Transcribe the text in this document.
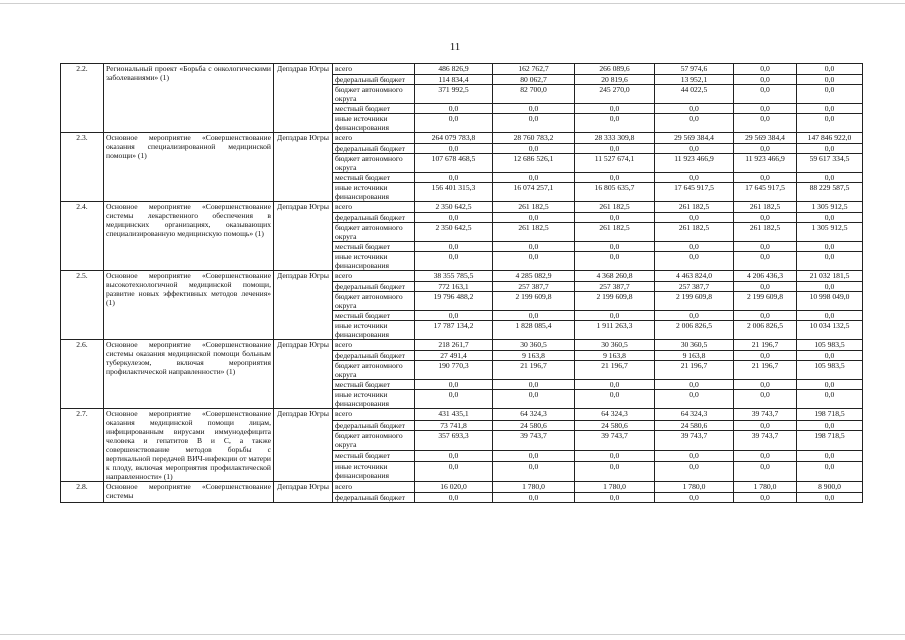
11
2.2.	Региональный проект «Борьба с онкологическими заболеваниями» (1)	Депздрав Югры	всего	486 826,9	162 762,7	266 089,6	57 974,6	0,0	0,0
			федеральный бюджет	114 834,4	80 062,7	20 819,6	13 952,1	0,0	0,0
			бюджет автономного округа	371 992,5	82 700,0	245 270,0	44 022,5	0,0	0,0
			местный бюджет	0,0	0,0	0,0	0,0	0,0	0,0
			иные источники финансирования	0,0	0,0	0,0	0,0	0,0	0,0
2.3.	Основное мероприятие «Совершенствование оказания специализированной медицинской помощи» (1)	Депздрав Югры	всего	264 079 783,8	28 760 783,2	28 333 309,8	29 569 384,4	29 569 384,4	147 846 922,0
			федеральный бюджет	0,0	0,0	0,0	0,0	0,0	0,0
			бюджет автономного округа	107 678 468,5	12 686 526,1	11 527 674,1	11 923 466,9	11 923 466,9	59 617 334,5
			местный бюджет	0,0	0,0	0,0	0,0	0,0	0,0
			иные источники финансирования	156 401 315,3	16 074 257,1	16 805 635,7	17 645 917,5	17 645 917,5	88 229 587,5
2.4.	Основное мероприятие «Совершенствование системы лекарственного обеспечения в медицинских организациях, оказывающих специализированную медицинскую помощь» (1)	Депздрав Югры	всего	2 350 642,5	261 182,5	261 182,5	261 182,5	261 182,5	1 305 912,5
			федеральный бюджет	0,0	0,0	0,0	0,0	0,0	0,0
			бюджет автономного округа	2 350 642,5	261 182,5	261 182,5	261 182,5	261 182,5	1 305 912,5
			местный бюджет	0,0	0,0	0,0	0,0	0,0	0,0
			иные источники финансирования	0,0	0,0	0,0	0,0	0,0	0,0
2.5.	Основное мероприятие «Совершенствование высокотехнологичной медицинской помощи, развитие новых эффективных методов лечения» (1)	Депздрав Югры	всего	38 355 785,5	4 285 082,9	4 368 260,8	4 463 824,0	4 206 436,3	21 032 181,5
			федеральный бюджет	772 163,1	257 387,7	257 387,7	257 387,7	0,0	0,0
			бюджет автономного округа	19 796 488,2	2 199 609,8	2 199 609,8	2 199 609,8	2 199 609,8	10 998 049,0
			местный бюджет	0,0	0,0	0,0	0,0	0,0	0,0
			иные источники финансирования	17 787 134,2	1 828 085,4	1 911 263,3	2 006 826,5	2 006 826,5	10 034 132,5
2.6.	Основное мероприятие «Совершенствование системы оказания медицинской помощи больным туберкулезом, включая мероприятия профилактической направленности» (1)	Депздрав Югры	всего	218 261,7	30 360,5	30 360,5	30 360,5	21 196,7	105 983,5
			федеральный бюджет	27 491,4	9 163,8	9 163,8	9 163,8	0,0	0,0
			бюджет автономного округа	190 770,3	21 196,7	21 196,7	21 196,7	21 196,7	105 983,5
			местный бюджет	0,0	0,0	0,0	0,0	0,0	0,0
			иные источники финансирования	0,0	0,0	0,0	0,0	0,0	0,0
2.7.	Основное мероприятие «Совершенствование оказания медицинской помощи лицам, инфицированным вирусами иммунодефицита человека и гепатитов В и С, а также совершенствование методов борьбы с вертикальной передачей ВИЧ-инфекции от матери к плоду, включая мероприятия профилактической направленности» (1)	Депздрав Югры	всего	431 435,1	64 324,3	64 324,3	64 324,3	39 743,7	198 718,5
			федеральный бюджет	73 741,8	24 580,6	24 580,6	24 580,6	0,0	0,0
			бюджет автономного округа	357 693,3	39 743,7	39 743,7	39 743,7	39 743,7	198 718,5
			местный бюджет	0,0	0,0	0,0	0,0	0,0	0,0
			иные источники финансирования	0,0	0,0	0,0	0,0	0,0	0,0
2.8.	Основное мероприятие «Совершенствование системы	Депздрав Югры	всего	16 020,0	1 780,0	1 780,0	1 780,0	1 780,0	8 900,0
			федеральный бюджет	0,0	0,0	0,0	0,0	0,0	0,0
